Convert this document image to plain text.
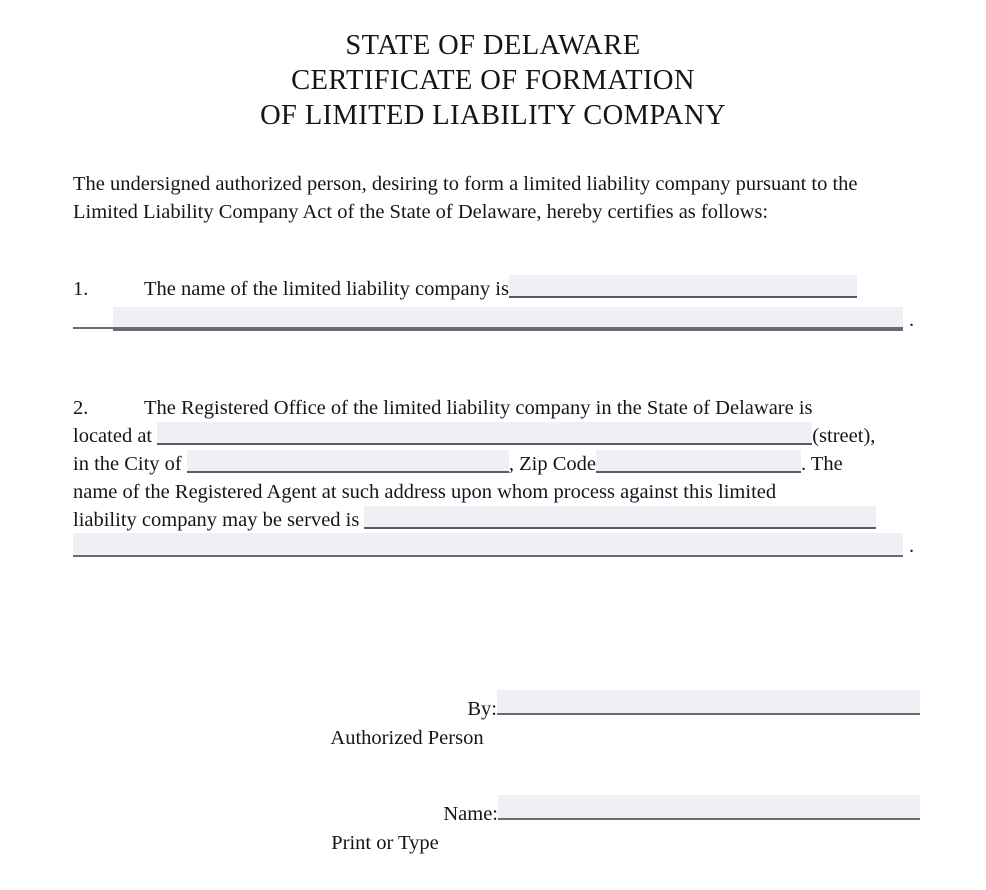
STATE OF DELAWARE
CERTIFICATE OF FORMATION
OF LIMITED LIABILITY COMPANY
The undersigned authorized person, desiring to form a limited liability company pursuant to the Limited Liability Company Act of the State of Delaware, hereby certifies as follows:
1.	The name of the limited liability company is
.
2.	The Registered Office of the limited liability company in the State of Delaware is
located at	(street),
in the City of	, Zip Code	. The
name of the Registered Agent at such address upon whom process against this limited
liability company may be served is
.
By:
Authorized Person
Name:
Print or Type
